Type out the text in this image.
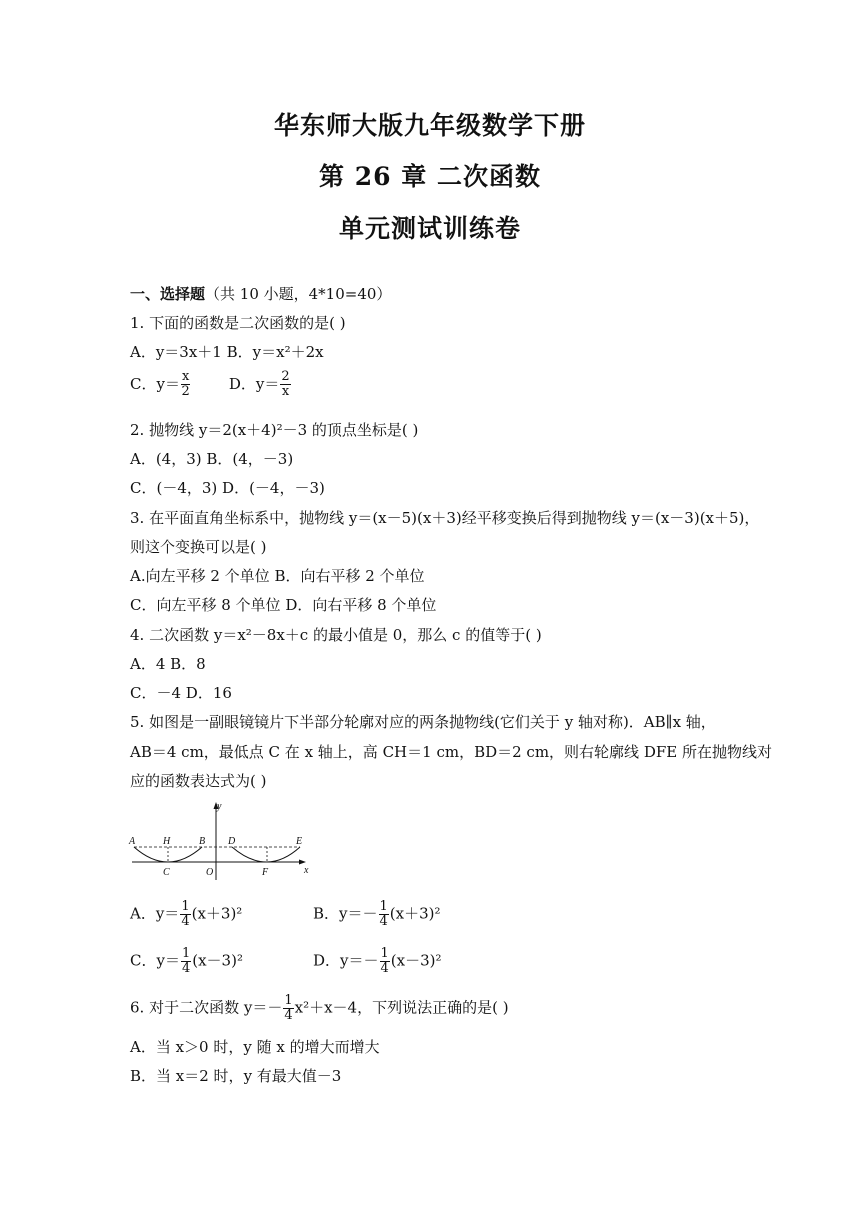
华东师大版九年级数学下册
第 26 章 二次函数
单元测试训练卷
一、选择题（共 10 小题，4*10=40）
1. 下面的函数是二次函数的是( )
A．y＝3x＋1 B．y＝x²＋2x
C．$y= \frac{x}{2}$	D．$y= \frac{2}{x}$
2. 抛物线 y＝2(x＋4)²－3 的顶点坐标是( )
A．(4，3) B．(4，－3)
C．(－4，3) D．(－4，－3)
3. 在平面直角坐标系中，抛物线 y＝(x－5)(x＋3)经平移变换后得到抛物线 y＝(x－3)(x＋5)，
则这个变换可以是( )
A.向左平移 2 个单位 B．向右平移 2 个单位
C．向左平移 8 个单位 D．向右平移 8 个单位
4. 二次函数 y＝x²－8x＋c 的最小值是 0，那么 c 的值等于( )
A．4 B．8
C．－4 D．16
5. 如图是一副眼镜镜片下半部分轮廓对应的两条抛物线(它们关于 y 轴对称)．AB∥x 轴，
AB＝4 cm，最低点 C 在 x 轴上，高 CH＝1 cm，BD＝2 cm，则右轮廓线 DFE 所在抛物线对
应的函数表达式为( )
y
x
A	H	B D	E
C	O	F
A．$y= \frac{1}{4} (x+3)^2$	B．$y=- \frac{1}{4} (x+3)^2$
C．$y= \frac{1}{4} (x-3)^2$	D．$y=- \frac{1}{4} (x-3)^2$
6. 对于二次函数 $y=- \frac{1}{4} x^2+x-4$，下列说法正确的是( )
A．当 x＞0 时，y 随 x 的增大而增大
B．当 x＝2 时，y 有最大值－3
